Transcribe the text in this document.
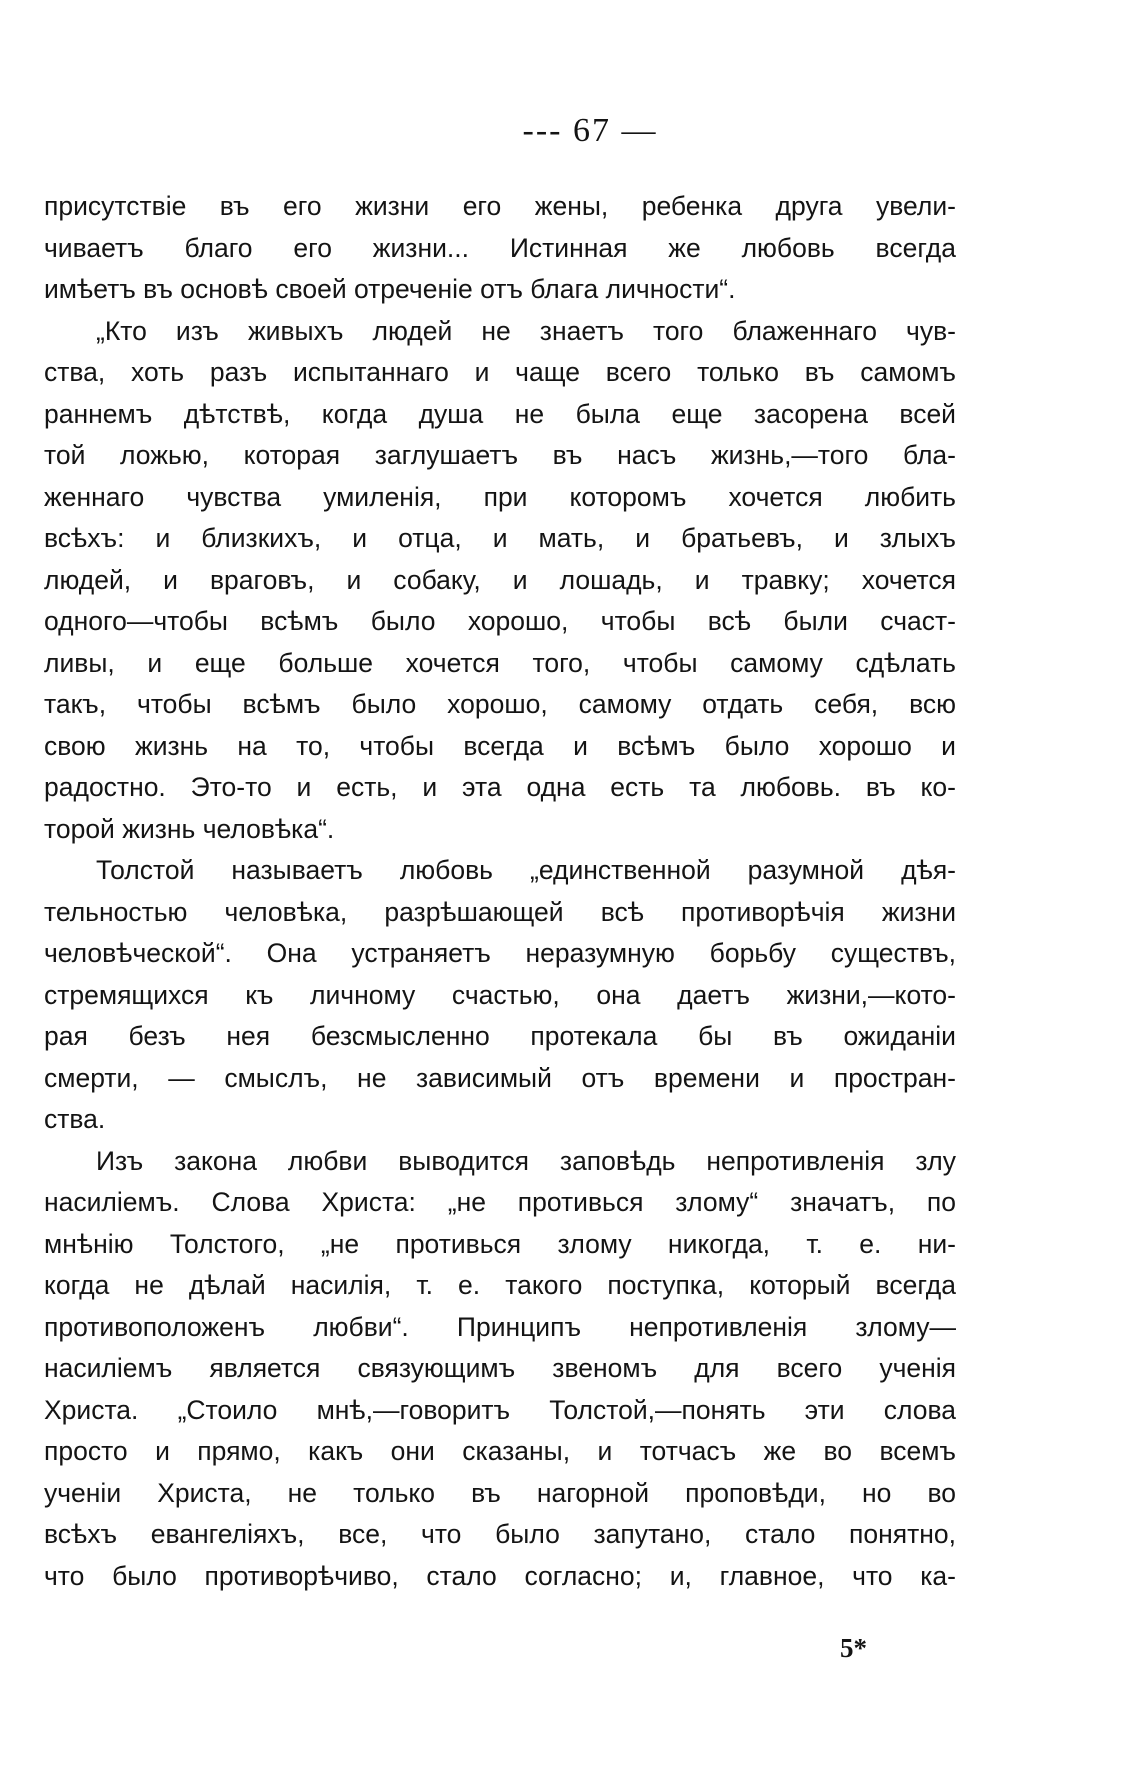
--- 67 —

присутствіе въ его жизни его жены, ребенка друга увели-
чиваетъ благо его жизни... Истинная же любовь всегда
имѣетъ въ основѣ своей отреченіе отъ блага личности“.

„Кто изъ живыхъ людей не знаетъ того блаженнаго чув-
ства, хоть разъ испытаннаго и чаще всего только въ самомъ
раннемъ дѣтствѣ, когда душа не была еще засорена всей
той ложью, которая заглушаетъ въ насъ жизнь,—того бла-
женнаго чувства умиленія, при которомъ хочется любить
всѣхъ: и близкихъ, и отца, и мать, и братьевъ, и злыхъ
людей, и враговъ, и собаку, и лошадь, и травку; хочется
одного—чтобы всѣмъ было хорошо, чтобы всѣ были счаст-
ливы, и еще больше хочется того, чтобы самому сдѣлать
такъ, чтобы всѣмъ было хорошо, самому отдать себя, всю
свою жизнь на то, чтобы всегда и всѣмъ было хорошо и
радостно. Это-то и есть, и эта одна есть та любовь. въ ко-
торой жизнь человѣка“.

Толстой называетъ любовь „единственной разумной дѣя-
тельностью человѣка, разрѣшающей всѣ противорѣчія жизни
человѣческой“. Она устраняетъ неразумную борьбу существъ,
стремящихся къ личному счастью, она даетъ жизни,—кото-
рая безъ нея безсмысленно протекала бы въ ожиданіи
смерти, — смыслъ, не зависимый отъ времени и простран-
ства.

Изъ закона любви выводится заповѣдь непротивленія злу
насиліемъ. Слова Христа: „не противься злому“ значатъ, по
мнѣнію Толстого, „не противься злому никогда, т. е. ни-
когда не дѣлай насилія, т. е. такого поступка, который всегда
противоположенъ любви“. Принципъ непротивленія злому—
насиліемъ является связующимъ звеномъ для всего ученія
Христа. „Стоило мнѣ,—говоритъ Толстой,—понять эти слова
просто и прямо, какъ они сказаны, и тотчасъ же во всемъ
ученіи Христа, не только въ нагорной проповѣди, но во
всѣхъ евангеліяхъ, все, что было запутано, стало понятно,
что было противорѣчиво, стало согласно; и, главное, что ка-

5*
